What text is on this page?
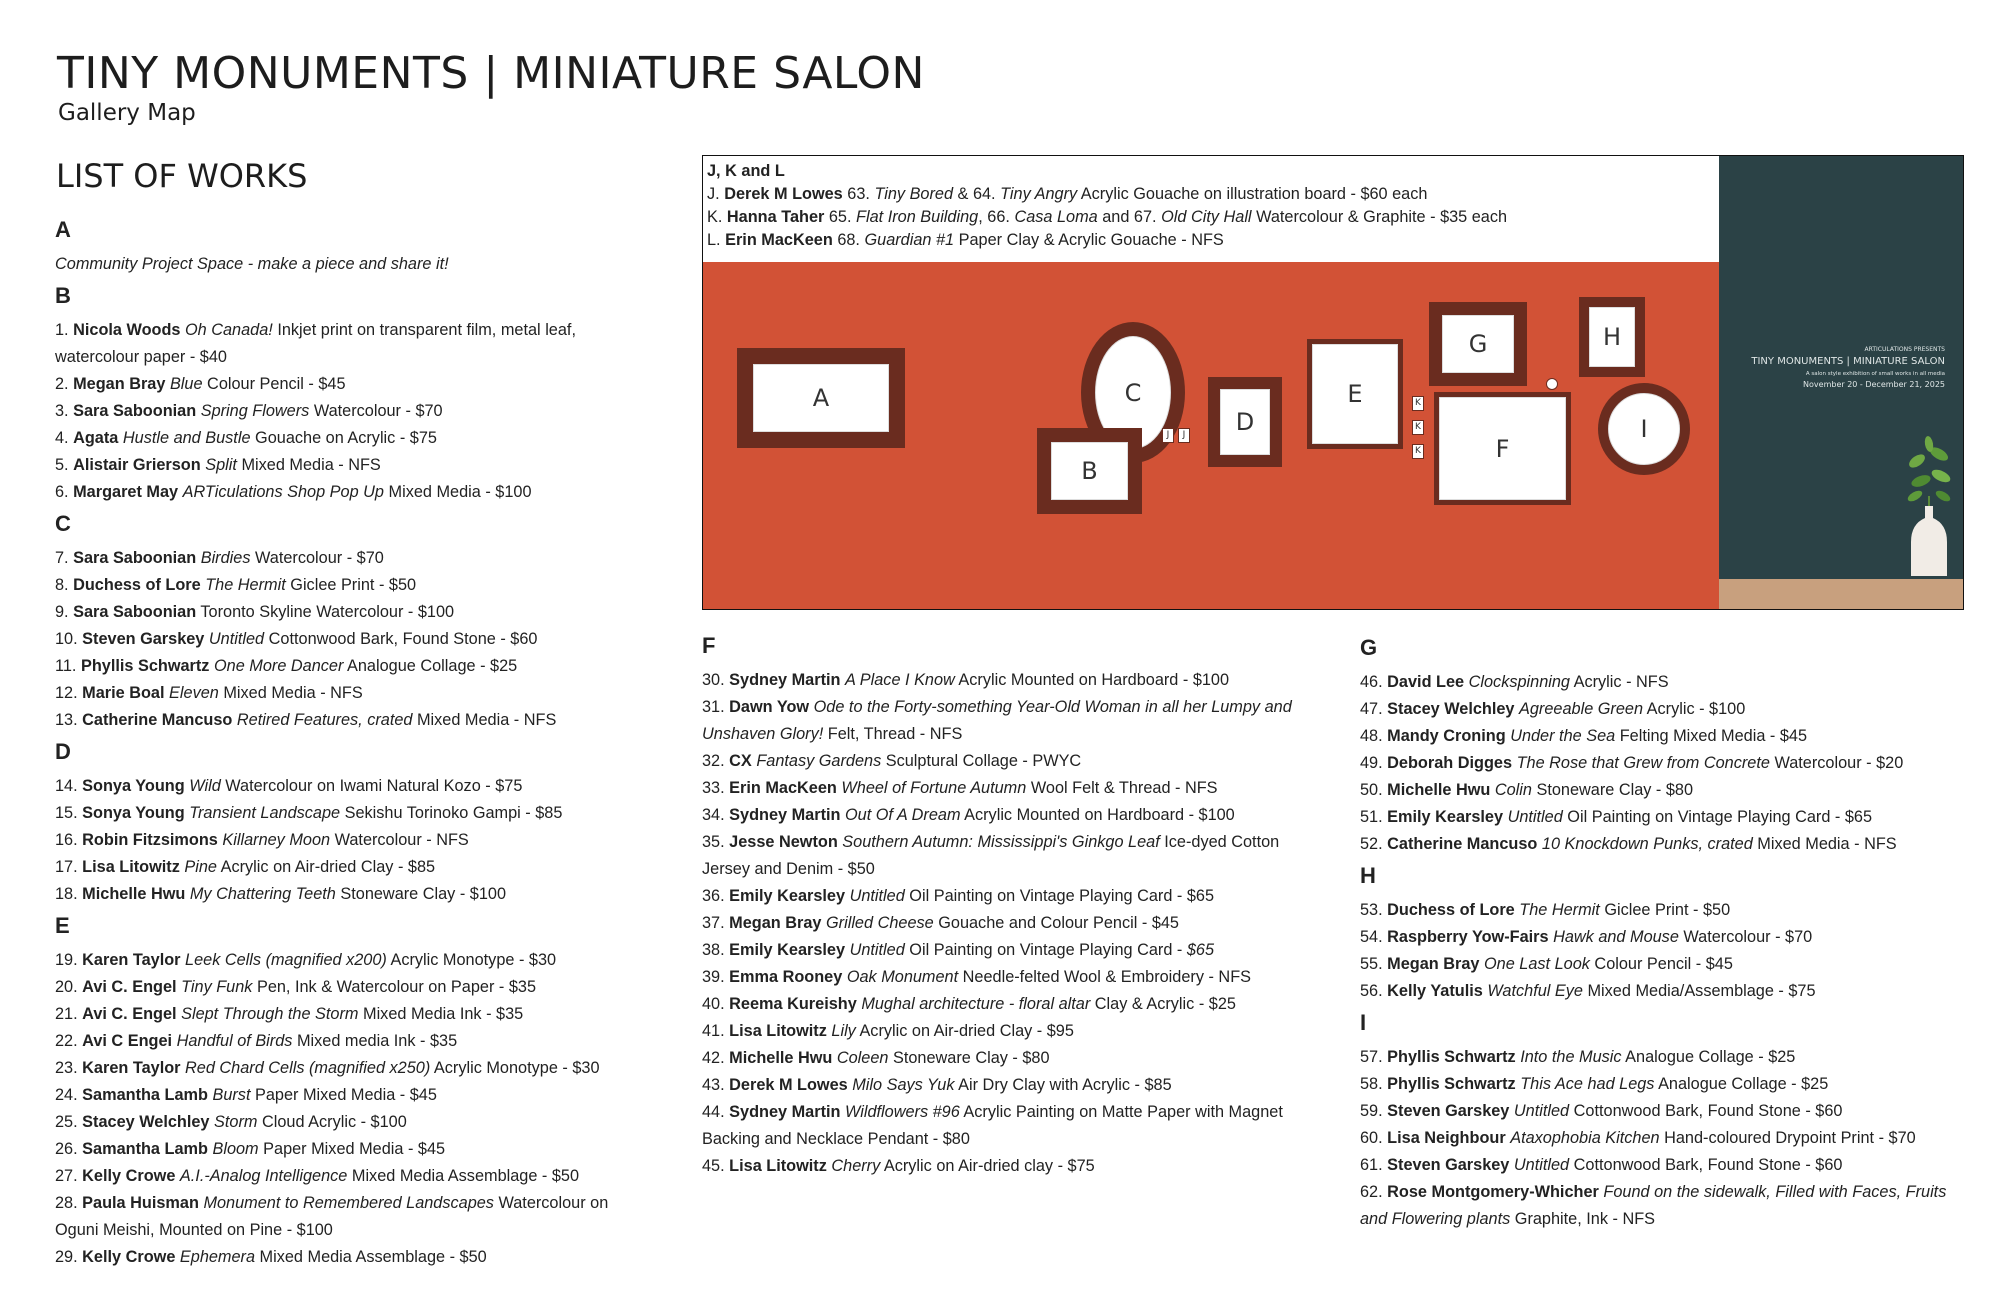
TINY MONUMENTS | MINIATURE SALON
Gallery Map
LIST OF WORKS
A
Community Project Space - make a piece and share it!
B
1. Nicola Woods Oh Canada! Inkjet print on transparent film, metal leaf, watercolour paper - $40
2. Megan Bray Blue Colour Pencil - $45
3. Sara Saboonian Spring Flowers Watercolour - $70
4. Agata Hustle and Bustle Gouache on Acrylic - $75
5. Alistair Grierson Split Mixed Media - NFS
6. Margaret May ARTiculations Shop Pop Up Mixed Media - $100
C
7. Sara Saboonian Birdies Watercolour - $70
8. Duchess of Lore The Hermit Giclee Print - $50
9. Sara Saboonian Toronto Skyline Watercolour - $100
10. Steven Garskey Untitled Cottonwood Bark, Found Stone - $60
11. Phyllis Schwartz One More Dancer Analogue Collage - $25
12. Marie Boal Eleven Mixed Media - NFS
13. Catherine Mancuso Retired Features, crated Mixed Media - NFS
D
14. Sonya Young Wild Watercolour on Iwami Natural Kozo - $75
15. Sonya Young Transient Landscape Sekishu Torinoko Gampi - $85
16. Robin Fitzsimons Killarney Moon Watercolour - NFS
17. Lisa Litowitz Pine Acrylic on Air-dried Clay - $85
18. Michelle Hwu My Chattering Teeth Stoneware Clay - $100
E
19. Karen Taylor Leek Cells (magnified x200) Acrylic Monotype - $30
20. Avi C. Engel Tiny Funk Pen, Ink & Watercolour on Paper - $35
21. Avi C. Engel Slept Through the Storm Mixed Media Ink - $35
22. Avi C Engei Handful of Birds Mixed media Ink - $35
23. Karen Taylor Red Chard Cells (magnified x250) Acrylic Monotype - $30
24. Samantha Lamb Burst Paper Mixed Media - $45
25. Stacey Welchley Storm Cloud Acrylic - $100
26. Samantha Lamb Bloom Paper Mixed Media - $45
27. Kelly Crowe A.I.-Analog Intelligence Mixed Media Assemblage - $50
28. Paula Huisman Monument to Remembered Landscapes Watercolour on Oguni Meishi, Mounted on Pine - $100
29. Kelly Crowe Ephemera Mixed Media Assemblage - $50
F
30. Sydney Martin A Place I Know Acrylic Mounted on Hardboard - $100
31. Dawn Yow Ode to the Forty-something Year-Old Woman in all her Lumpy and Unshaven Glory! Felt, Thread - NFS
32. CX Fantasy Gardens Sculptural Collage - PWYC
33. Erin MacKeen Wheel of Fortune Autumn Wool Felt & Thread - NFS
34. Sydney Martin Out Of A Dream Acrylic Mounted on Hardboard - $100
35. Jesse Newton Southern Autumn: Mississippi's Ginkgo Leaf Ice-dyed Cotton Jersey and Denim - $50
36. Emily Kearsley Untitled Oil Painting on Vintage Playing Card - $65
37. Megan Bray Grilled Cheese Gouache and Colour Pencil - $45
38. Emily Kearsley Untitled Oil Painting on Vintage Playing Card - $65
39. Emma Rooney Oak Monument Needle-felted Wool & Embroidery - NFS
40. Reema Kureishy Mughal architecture - floral altar Clay & Acrylic - $25
41. Lisa Litowitz Lily Acrylic on Air-dried Clay - $95
42. Michelle Hwu Coleen Stoneware Clay - $80
43. Derek M Lowes Milo Says Yuk Air Dry Clay with Acrylic - $85
44. Sydney Martin Wildflowers #96 Acrylic Painting on Matte Paper with Magnet Backing and Necklace Pendant - $80
45. Lisa Litowitz Cherry Acrylic on Air-dried clay - $75
G
46. David Lee Clockspinning Acrylic - NFS
47. Stacey Welchley Agreeable Green Acrylic - $100
48. Mandy Croning Under the Sea Felting Mixed Media - $45
49. Deborah Digges The Rose that Grew from Concrete Watercolour - $20
50. Michelle Hwu Colin Stoneware Clay - $80
51. Emily Kearsley Untitled Oil Painting on Vintage Playing Card - $65
52. Catherine Mancuso 10 Knockdown Punks, crated Mixed Media - NFS
H
53. Duchess of Lore The Hermit Giclee Print - $50
54. Raspberry Yow-Fairs Hawk and Mouse Watercolour - $70
55. Megan Bray One Last Look Colour Pencil - $45
56. Kelly Yatulis Watchful Eye Mixed Media/Assemblage - $75
I
57. Phyllis Schwartz Into the Music Analogue Collage - $25
58. Phyllis Schwartz This Ace had Legs Analogue Collage - $25
59. Steven Garskey Untitled Cottonwood Bark, Found Stone - $60
60. Lisa Neighbour Ataxophobia Kitchen Hand-coloured Drypoint Print - $70
61. Steven Garskey Untitled Cottonwood Bark, Found Stone - $60
62. Rose Montgomery-Whicher Found on the sidewalk, Filled with Faces, Fruits and Flowering plants Graphite, Ink - NFS
J, K and L
J. Derek M Lowes 63. Tiny Bored & 64. Tiny Angry Acrylic Gouache on illustration board - $60 each
K. Hanna Taher 65. Flat Iron Building, 66. Casa Loma and 67. Old City Hall Watercolour & Graphite - $35 each
L. Erin MacKeen 68. Guardian #1 Paper Clay & Acrylic Gouache - NFS
A	C
B
J	J	D
E	K
K
K
G
F
H
I
ARTICULATIONS PRESENTS
TINY MONUMENTS | MINIATURE SALON
A salon style exhibition of small works in all media
November 20 - December 21, 2025
